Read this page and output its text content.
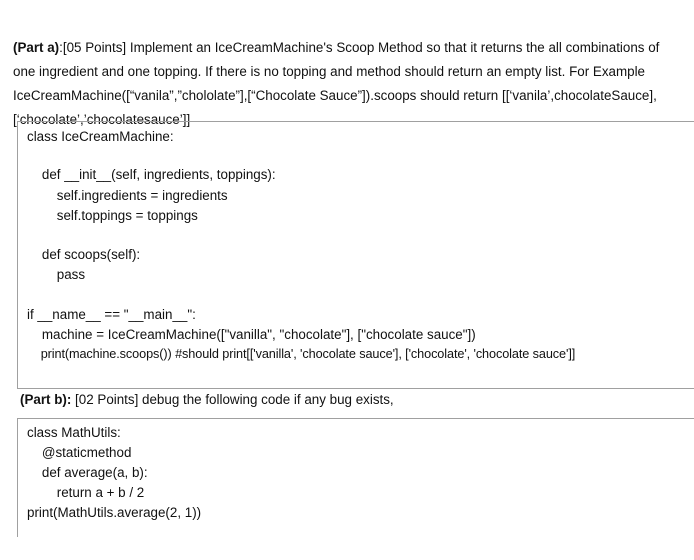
(Part a):[05 Points] Implement an IceCreamMachine's Scoop Method so that it returns the all combinations of one ingredient and one topping. If there is no topping and method should return an empty list. For Example IceCreamMachine([“vanila”,”chololate”],[“Chocolate Sauce”]).scoops should return [[‘vanila’,chocolateSauce],[‘chocolate’,’chocolatesauce’]]

class IceCreamMachine:

def __init__(self, ingredients, toppings):

self.ingredients = ingredients

self.toppings = toppings

def scoops(self):

pass

if __name__ == "__main__":

machine = IceCreamMachine(["vanilla", "chocolate"], ["chocolate sauce"])

print(machine.scoops()) #should print[['vanilla', 'chocolate sauce'], ['chocolate', 'chocolate sauce']]

(Part b): [02 Points] debug the following code if any bug exists,

class MathUtils:

@staticmethod

def average(a, b):

return a + b / 2

print(MathUtils.average(2, 1))
